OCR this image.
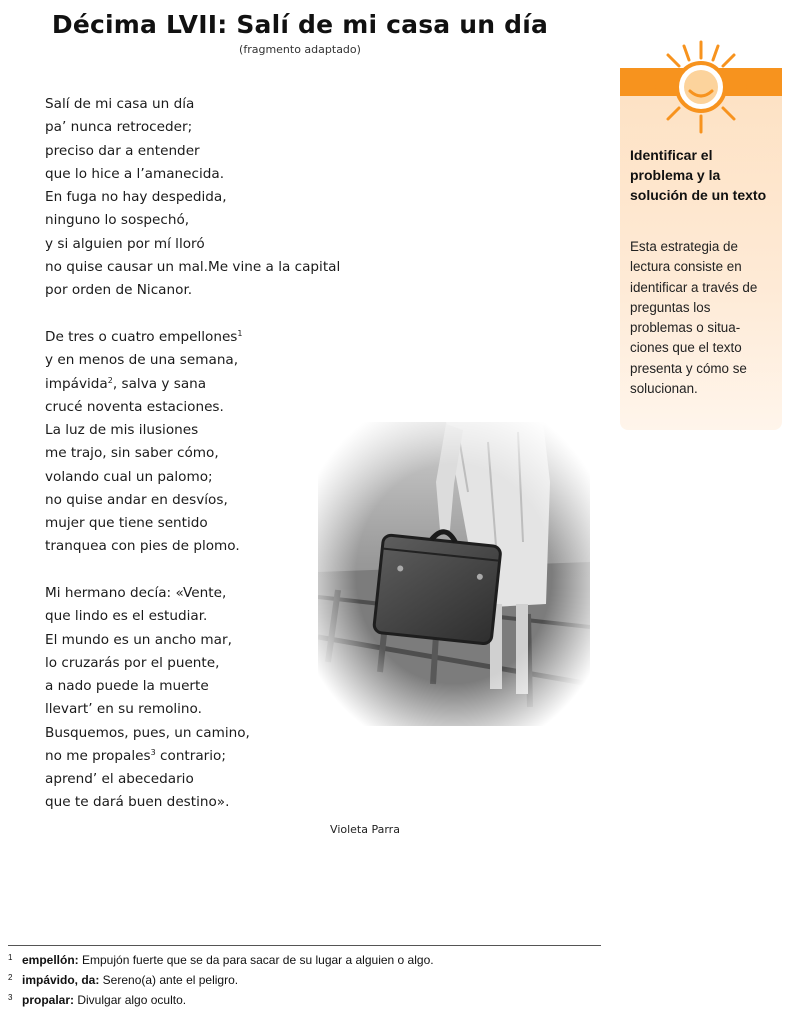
Décima LVII: Salí de mi casa un día
(fragmento adaptado)
Salí de mi casa un día
pa’ nunca retroceder;
preciso dar a entender
que lo hice a l’amanecida.
En fuga no hay despedida,
ninguno lo sospechó,
y si alguien por mí lloró
no quise causar un mal.Me vine a la capital
por orden de Nicanor.
De tres o cuatro empellones$^1$
y en menos de una semana,
impávida$^2$, salva y sana
crucé noventa estaciones.
La luz de mis ilusiones
me trajo, sin saber cómo,
volando cual un palomo;
no quise andar en desvíos,
mujer que tiene sentido
tranquea con pies de plomo.
Mi hermano decía: «Vente,
que lindo es el estudiar.
El mundo es un ancho mar,
lo cruzarás por el puente,
a nado puede la muerte
llevart’ en su remolino.
Busquemos, pues, un camino,
no me propales$^3$ contrario;
aprend’ el abecedario
que te dará buen destino».
Violeta Parra
Identificar el problema y la solución de un texto
Esta estrategia de lectura consiste en identificar a través de preguntas los problemas o situa-ciones que el texto presenta y cómo se solucionan.
1 empellón: Empujón fuerte que se da para sacar de su lugar a alguien o algo.
2 impávido, da: Sereno(a) ante el peligro.
3 propalar: Divulgar algo oculto.
